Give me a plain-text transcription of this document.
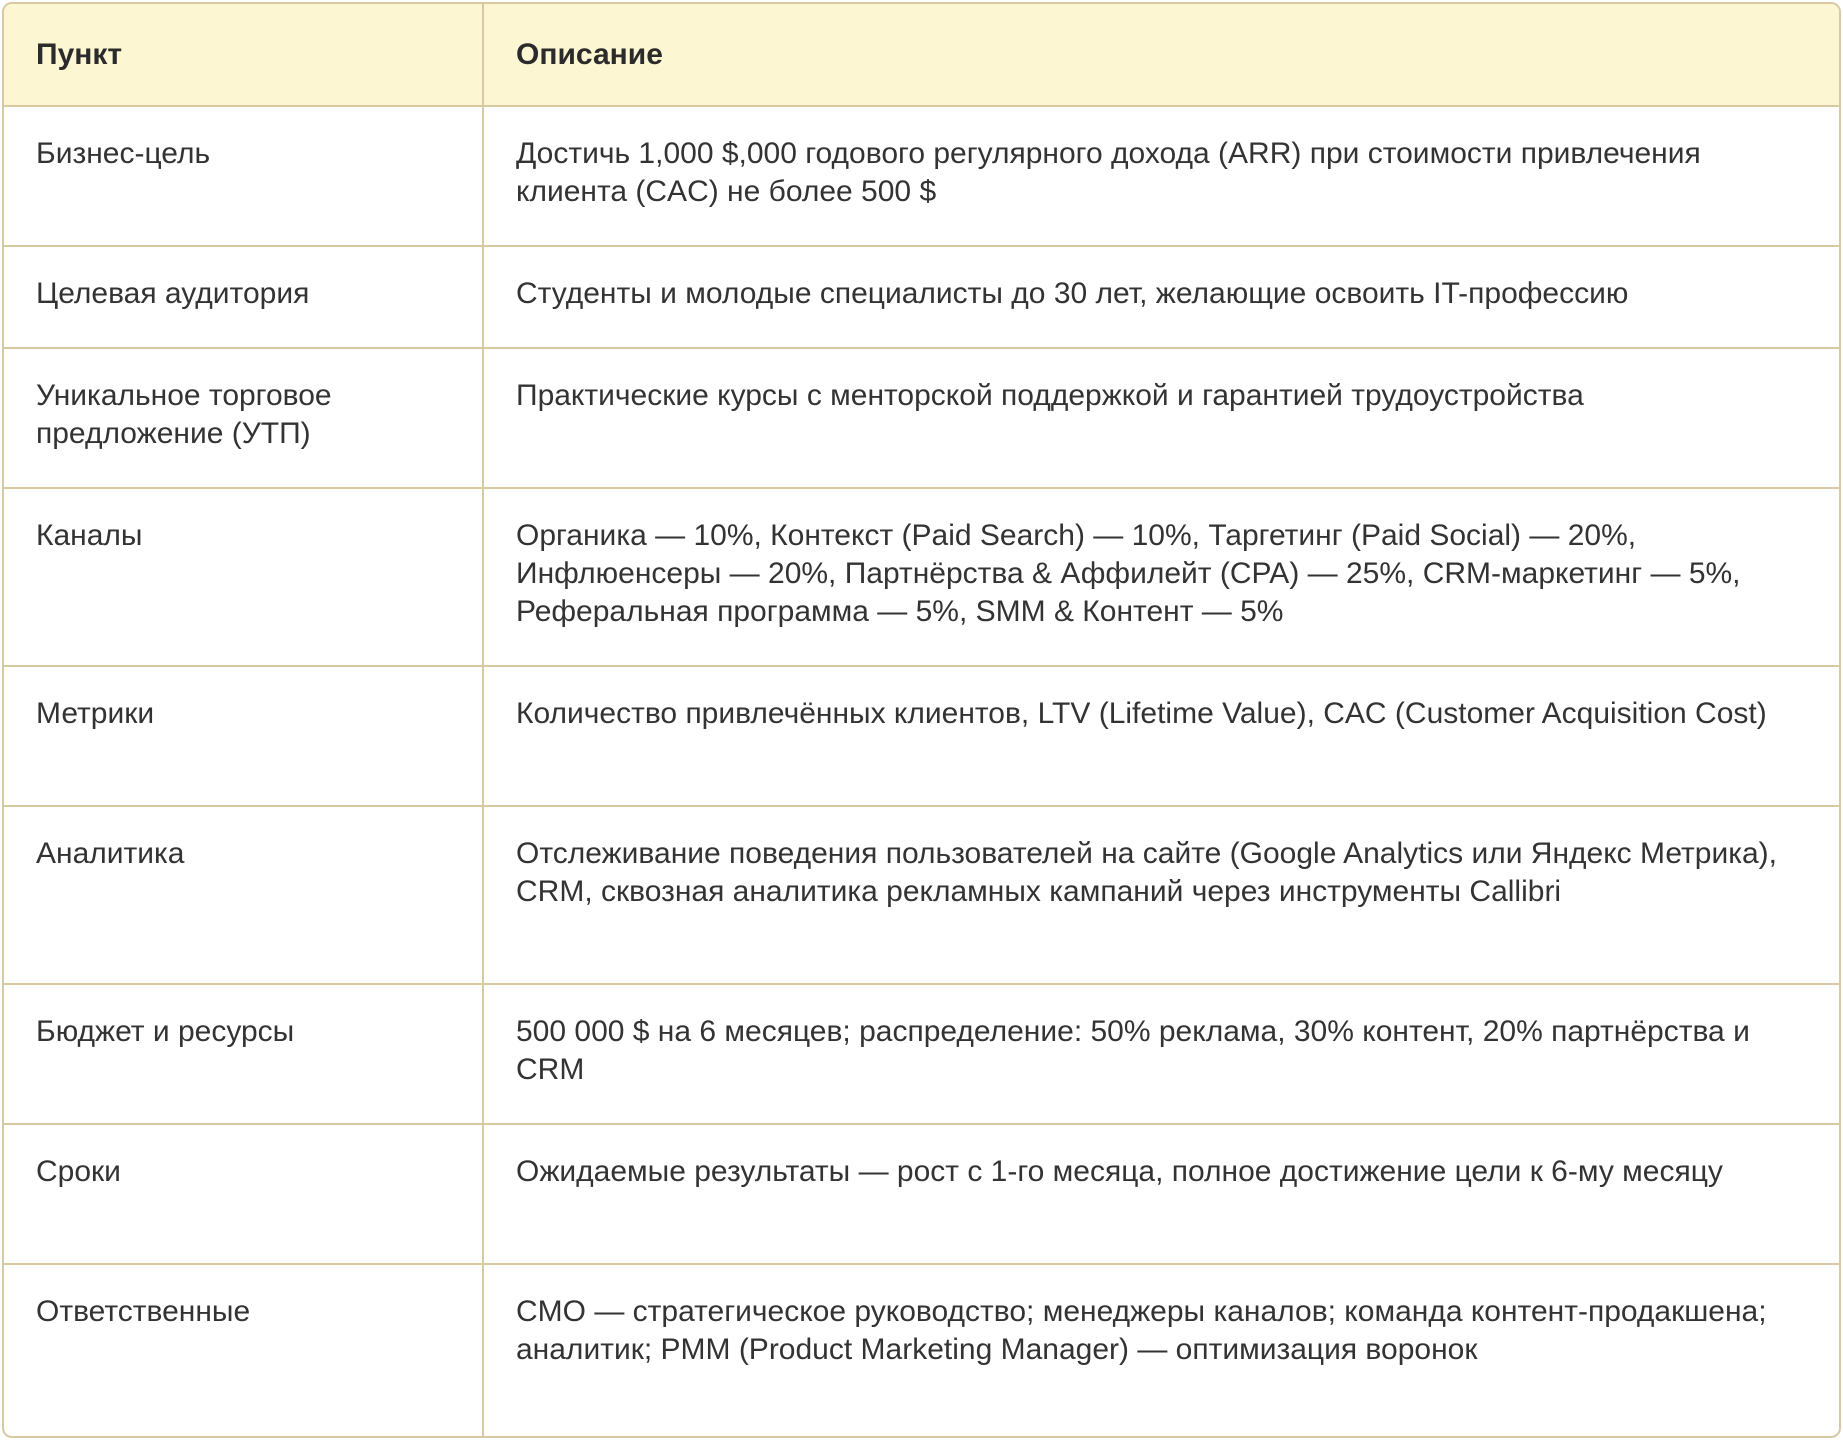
Пункт	Описание
Бизнес-цель	Достичь 1,000 $,000 годового регулярного дохода (ARR) при стоимости привлечения клиента (CAC) не более 500 $
Целевая аудитория	Студенты и молодые специалисты до 30 лет, желающие освоить IT-профессию
Уникальное торговое предложение (УТП)	Практические курсы с менторской поддержкой и гарантией трудоустройства
Каналы	Органика — 10%, Контекст (Paid Search) — 10%, Таргетинг (Paid Social) — 20%, Инфлюенсеры — 20%, Партнёрства & Аффилейт (CPA) — 25%, CRM-маркетинг — 5%, Реферальная программа — 5%, SMM & Контент — 5%
Метрики	Количество привлечённых клиентов, LTV (Lifetime Value), CAC (Customer Acquisition Cost)
Аналитика	Отслеживание поведения пользователей на сайте (Google Analytics или Яндекс Метрика), CRM, сквозная аналитика рекламных кампаний через инструменты Callibri
Бюджет и ресурсы	500 000 $ на 6 месяцев; распределение: 50% реклама, 30% контент, 20% партнёрства и CRM
Сроки	Ожидаемые результаты — рост с 1-го месяца, полное достижение цели к 6-му месяцу
Ответственные	CMO — стратегическое руководство; менеджеры каналов; команда контент-продакшена; аналитик; PMM (Product Marketing Manager) — оптимизация воронок
